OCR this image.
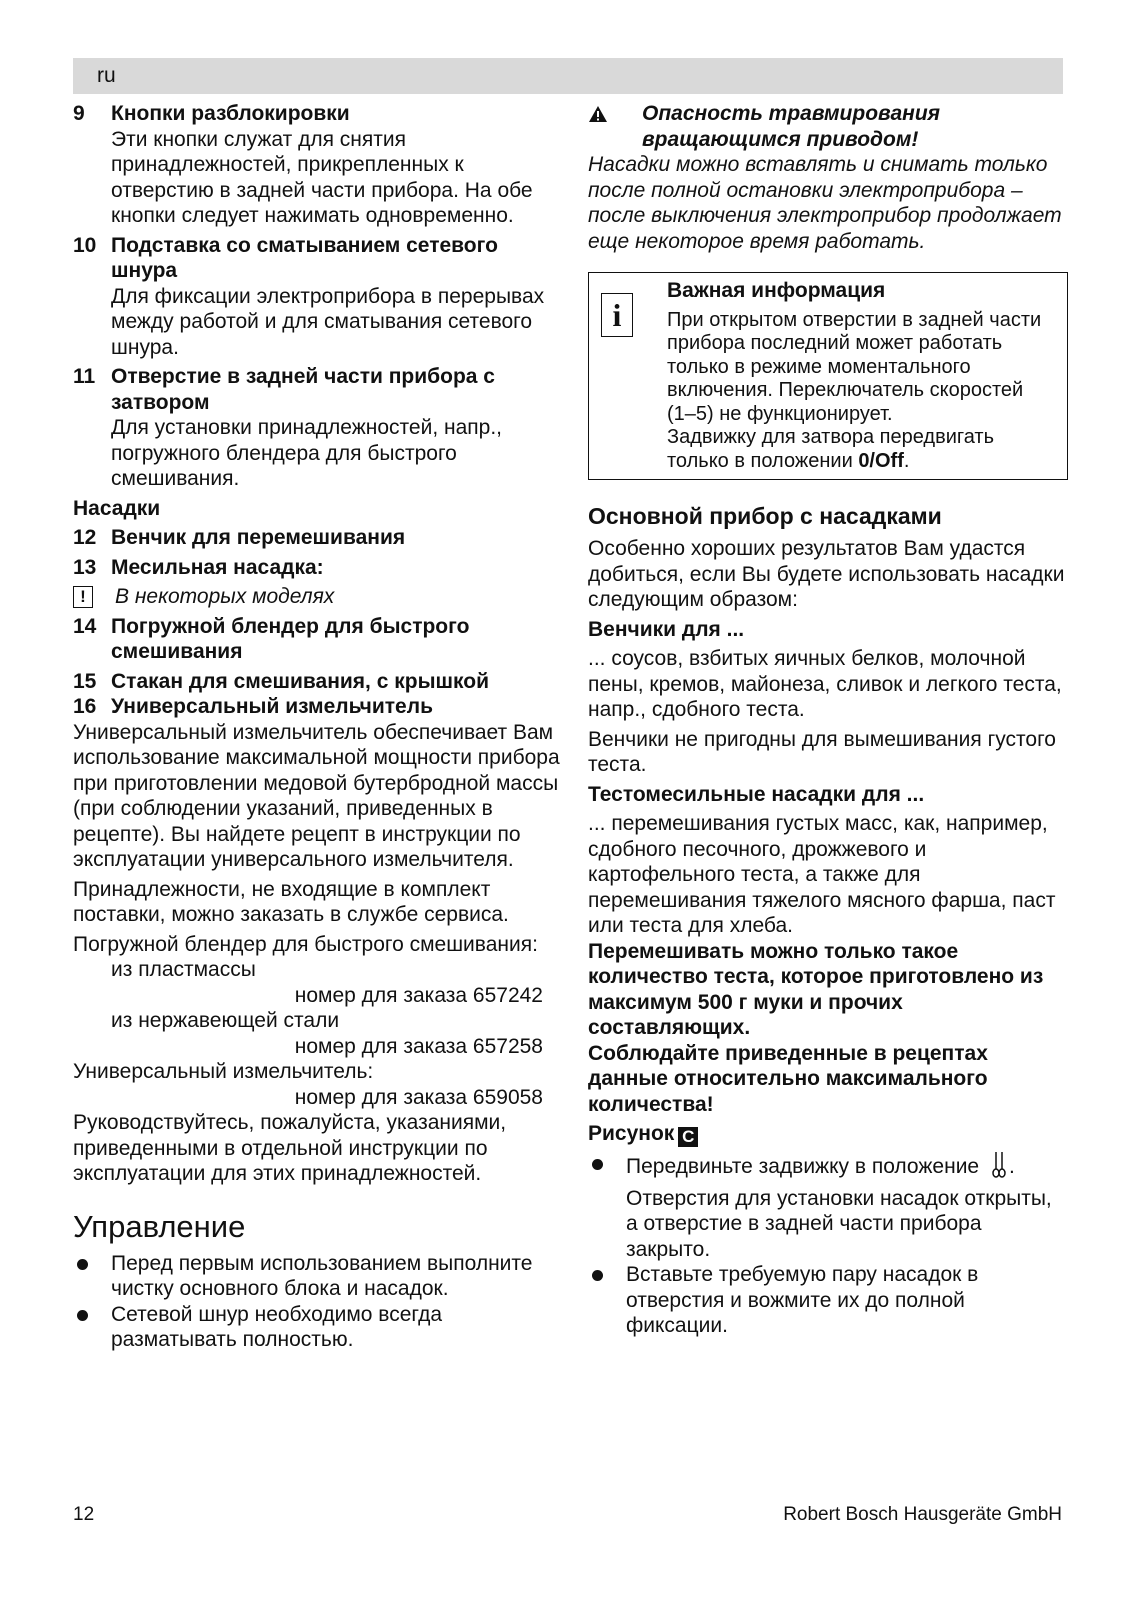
ru
9	Кнопки разблокировки

Эти кнопки служат для снятия принадлежностей, прикрепленных к отверстию в задней части прибора. На обе кнопки следует нажимать одновременно.

10 Подставка со сматыванием сетевого шнура

Для фиксации электроприбора в перерывах между работой и для сматывания сетевого шнура.

11 Отверстие в задней части прибора с затвором

Для установки принадлежностей, напр., погружного блендера для быстрого смешивания.

Насадки

12 Венчик для перемешивания

13 Месильная насадка:

!	В некоторых моделях
14 Погружной блендер для быстрого смешивания

15 Стакан для смешивания, с крышкой

16 Универсальный измельчитель

Универсальный измельчитель обеспечивает Вам использование максимальной мощности прибора при приготовлении медовой бутербродной массы (при соблюдении указаний, приведенных в рецепте). Вы найдете рецепт в инструкции по эксплуатации универсального измельчителя.

Принадлежности, не входящие в комплект поставки, можно заказать в службе сервиса.

Погружной блендер для быстрого смешивания:

из пластмассы

номер для заказа 657242

из нержавеющей стали

номер для заказа 657258

Универсальный измельчитель:

номер для заказа 659058

Руководствуйтесь, пожалуйста, указаниями, приведенными в отдельной инструкции по эксплуатации для этих принадлежностей.

Управление

Перед первым использованием выполните чистку основного блока и насадок.

Сетевой шнур необходимо всегда разматывать полностью.

Опасность травмирования вращающимся приводом!

Насадки можно вставлять и снимать только после полной остановки электроприбора – после выключения электроприбор продолжает еще некоторое время работать.

i

Важная информация

При открытом отверстии в задней части прибора последний может работать только в режиме моментального включения. Переключатель скоростей (1–5) не функционирует.

Задвижку для затвора передвигать только в положении 0/Off.

Основной прибор с насадками

Особенно хороших результатов Вам удастся добиться, если Вы будете использовать насадки следующим образом:

Венчики для ...

... соусов, взбитых яичных белков, молочной пены, кремов, майонеза, сливок и легкого теста, напр., сдобного теста.

Венчики не пригодны для вымешивания густого теста.

Тестомесильные насадки для ...

... перемешивания густых масс, как, например, сдобного песочного, дрожжевого и картофельного теста, а также для перемешивания тяжелого мясного фарша, паст или теста для хлеба.

Перемешивать можно только такое количество теста, которое приготовлено из максимум 500 г муки и прочих составляющих.

Соблюдайте приведенные в рецептах данные относительно максимального количества!

Рисунок C

Передвиньте задвижку в положение .

Отверстия для установки насадок открыты, а отверстие в задней части прибора закрыто.

Вставьте требуемую пару насадок в отверстия и вожмите их до полной фиксации.

12	Robert Bosch Hausgeräte GmbH
